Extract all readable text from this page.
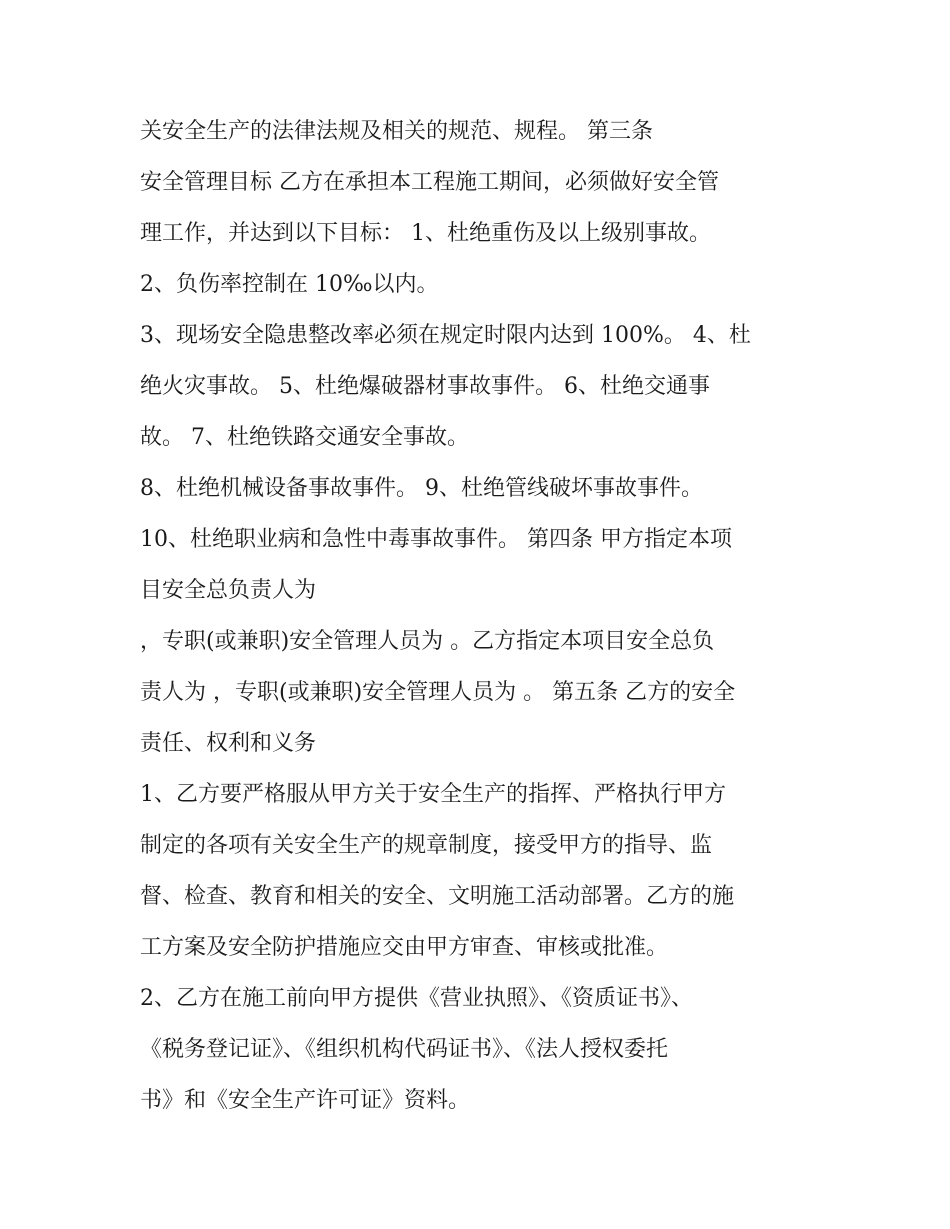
关安全生产的法律法规及相关的规范、规程。 第三条
安全管理目标 乙方在承担本工程施工期间，必须做好安全管
理工作，并达到以下目标： 1、杜绝重伤及以上级别事故。
2、负伤率控制在 10‰以内。
3、现场安全隐患整改率必须在规定时限内达到 100%。 4、杜
绝火灾事故。 5、杜绝爆破器材事故事件。 6、杜绝交通事
故。 7、杜绝铁路交通安全事故。
8、杜绝机械设备事故事件。 9、杜绝管线破坏事故事件。
10、杜绝职业病和急性中毒事故事件。 第四条 甲方指定本项
目安全总负责人为
，专职(或兼职)安全管理人员为 。乙方指定本项目安全总负
责人为 ，专职(或兼职)安全管理人员为 。 第五条 乙方的安全
责任、权利和义务
1、乙方要严格服从甲方关于安全生产的指挥、严格执行甲方
制定的各项有关安全生产的规章制度，接受甲方的指导、监
督、检查、教育和相关的安全、文明施工活动部署。乙方的施
工方案及安全防护措施应交由甲方审查、审核或批准。
2、乙方在施工前向甲方提供《营业执照》、《资质证书》、
《税务登记证》、《组织机构代码证书》、《法人授权委托
书》和《安全生产许可证》资料。
